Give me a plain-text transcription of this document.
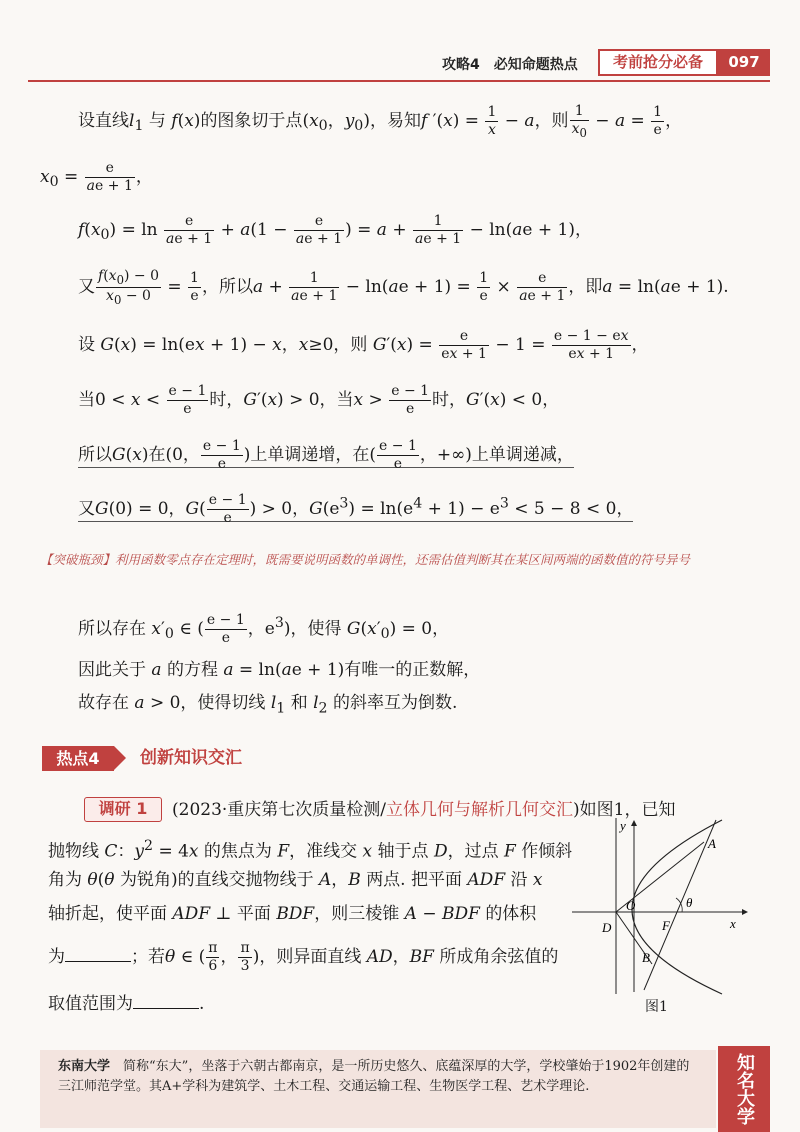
攻略4　必知命题热点	考前抢分必备	097
设直线$l_1$ 与 f(x)的图象切于点($x_0$，$y_0$)，易知f $'(x) = \frac{1}{x} - a$，则 $\frac{1}{x_0} - a = \frac{1}{e}$ ，
$x_0 = \frac{e}{ae + 1}$ ，
$f(x_0) = \ln \frac{e}{ae + 1} + a(1 - \frac{e}{ae + 1}$ ) = $a + \frac{1}{ae + 1} - \ln(ae + 1)$，
又 $\frac{f(x_0) - 0}{x_0 - 0} = \frac{1}{e}$ ，所以$a + \frac{1}{ae + 1} - \ln(ae + 1) = \frac{1}{e} \times \frac{e}{ae + 1}$ ，即a = ln(ae + 1).
设 G(x) = ln(ex + 1) − x，x≥0，则 $G'(x) = \frac{e}{ex + 1} - 1 = \frac{e - 1 - ex}{ex + 1}$ ，
当$0 < x < \frac{e - 1}{e}$ 时，G′(x) > 0，当$x > \frac{e - 1}{e}$ 时，G′(x) < 0，
所以G(x)在(0， $\frac{e - 1}{e}$ )上单调递增，在( $\frac{e - 1}{e}$ ，+∞)上单调递减，
又G(0) = 0，$G( \frac{e - 1}{e}$ ) > 0，$G(e^3) = \ln(e^4 + 1) - e^3 < 5 - 8 < 0$，
【突破瓶颈】利用函数零点存在定理时，既需要说明函数的单调性，还需估值判断其在某区间两端的函数值的符号异号
所以存在 $x'_0$ ∈ ( $\frac{e - 1}{e}$ ，$e^3$)，使得 $G(x'_0) = 0$，
因此关于 a 的方程 a = ln(ae + 1)有唯一的正数解，
故存在 a > 0，使得切线 $l_1$ 和 $l_2$ 的斜率互为倒数.
热点4	创新知识交汇
调研 1	(2023·重庆第七次质量检测/立体几何与解析几何交汇)如图1，已知
抛物线 C：$y^2 = 4x$ 的焦点为 F，准线交 x 轴于点 D，过点 F 作倾斜
角为 θ(θ 为锐角)的直线交抛物线于 A，B 两点. 把平面 ADF 沿 x
轴折起，使平面 ADF ⊥ 平面 BDF，则三棱锥 A − BDF 的体积
为	；若θ ∈ ( $\frac{\pi}{6}$ ， $\frac{\pi}{3}$ )，则异面直线 AD，BF 所成角余弦值的
取值范围为	.
y
A
O	θ
D	F	x
B
图1
东南大学　 简称“东大”，坐落于六朝古都南京，是一所历史悠久、底蕴深厚的大学，学校肇始于1902年创建的三江师范学堂。其A+学科为建筑学、土木工程、交通运输工程、生物医学工程、艺术学理论.	知名大学
